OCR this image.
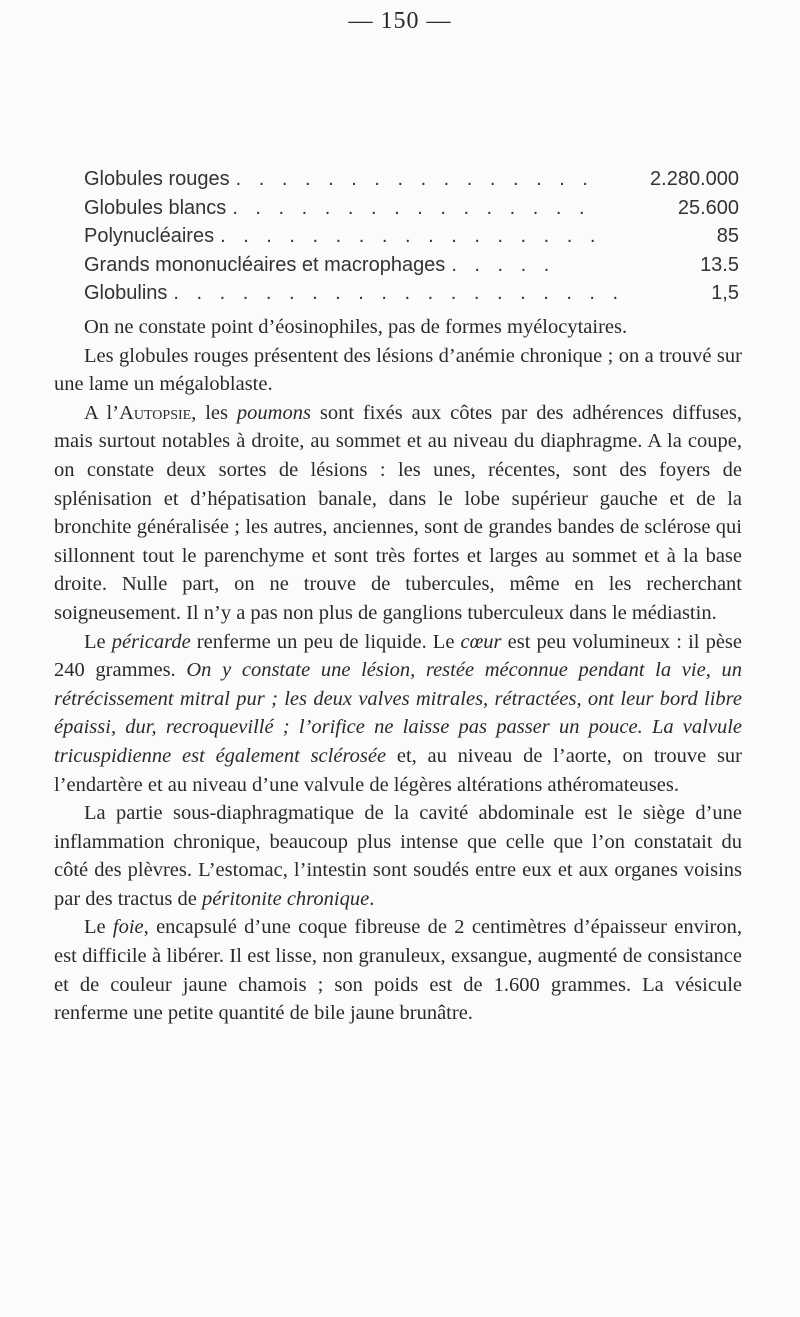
— 150 —
Globules rouges . . . . . . . . . . . . . . . .	2.280.000
Globules blancs . . . . . . . . . . . . . . . .	25.600
Polynucléaires . . . . . . . . . . . . . . . . .	85
Grands mononucléaires et macrophages . . . . .	13.5
Globulins . . . . . . . . . . . . . . . . . . . .	1,5

On ne constate point d’éosinophiles, pas de formes myélocytaires.

Les globules rouges présentent des lésions d’anémie chronique ; on a trouvé sur une lame un mégaloblaste.

A l’Autopsie, les poumons sont fixés aux côtes par des adhérences diffuses, mais surtout notables à droite, au sommet et au niveau du diaphragme. A la coupe, on constate deux sortes de lésions : les unes, récentes, sont des foyers de splénisation et d’hépatisation banale, dans le lobe supérieur gauche et de la bronchite généralisée ; les autres, anciennes, sont de grandes bandes de sclérose qui sillonnent tout le parenchyme et sont très fortes et larges au sommet et à la base droite. Nulle part, on ne trouve de tubercules, même en les recherchant soigneusement. Il n’y a pas non plus de ganglions tuberculeux dans le médiastin.

Le péricarde renferme un peu de liquide. Le cœur est peu volumineux : il pèse 240 grammes. On y constate une lésion, restée méconnue pendant la vie, un rétrécissement mitral pur ; les deux valves mitrales, rétractées, ont leur bord libre épaissi, dur, recroquevillé ; l’orifice ne laisse pas passer un pouce. La valvule tricuspidienne est également sclérosée et, au niveau de l’aorte, on trouve sur l’endartère et au niveau d’une valvule de légères altérations athéromateuses.

La partie sous-diaphragmatique de la cavité abdominale est le siège d’une inflammation chronique, beaucoup plus intense que celle que l’on constatait du côté des plèvres. L’estomac, l’intestin sont soudés entre eux et aux organes voisins par des tractus de péritonite chronique.

Le foie, encapsulé d’une coque fibreuse de 2 centimètres d’épaisseur environ, est difficile à libérer. Il est lisse, non granuleux, exsangue, augmenté de consistance et de couleur jaune chamois ; son poids est de 1.600 grammes. La vésicule renferme une petite quantité de bile jaune brunâtre.
